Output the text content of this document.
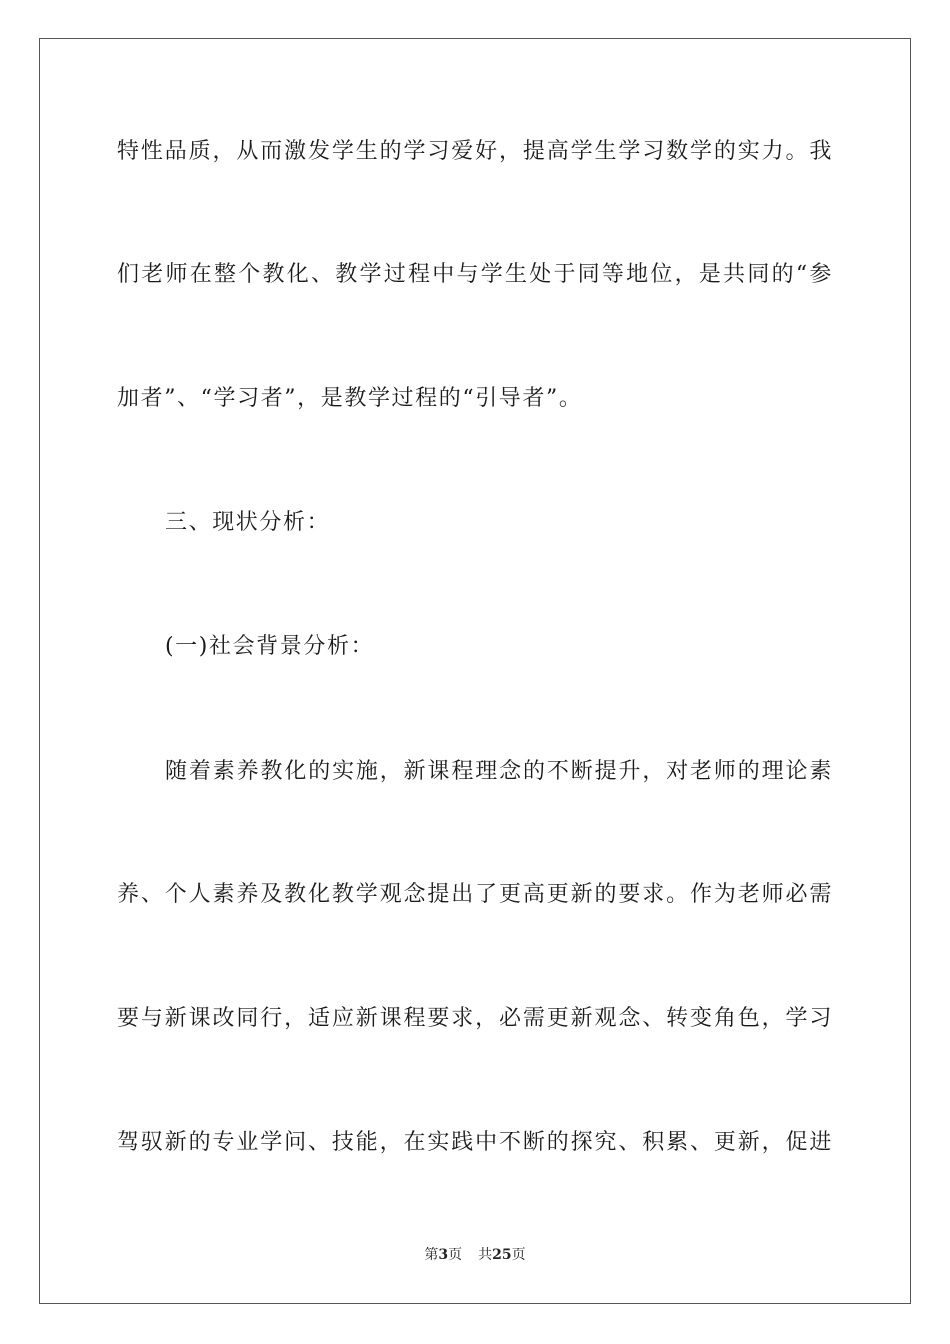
特性品质，从而激发学生的学习爱好，提高学生学习数学的实力。我
们老师在整个教化、教学过程中与学生处于同等地位，是共同的“参
加者”、“学习者”，是教学过程的“引导者”。
三、现状分析：
(一)社会背景分析：
随着素养教化的实施，新课程理念的不断提升，对老师的理论素
养、个人素养及教化教学观念提出了更高更新的要求。作为老师必需
要与新课改同行，适应新课程要求，必需更新观念、转变角色，学习
驾驭新的专业学问、技能，在实践中不断的探究、积累、更新，促进
第3页 共25页
